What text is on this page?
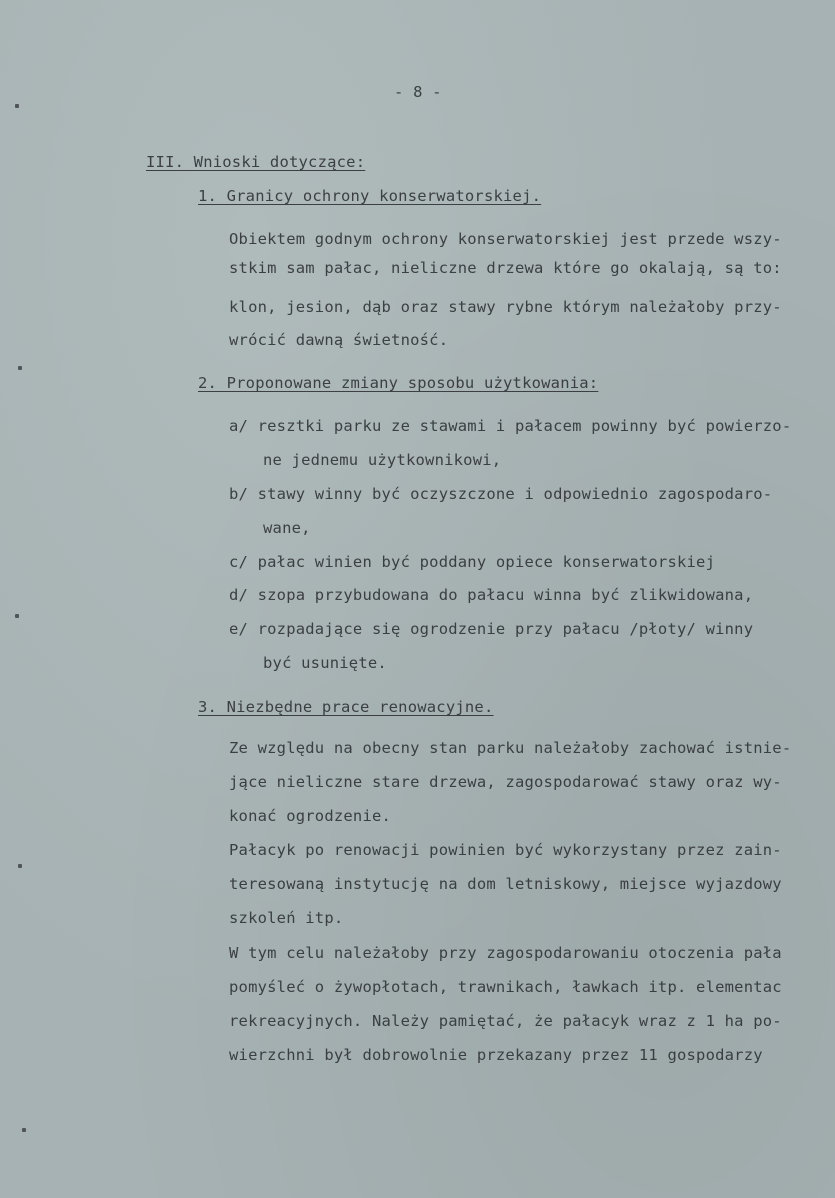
- 8 -
III. Wnioski dotyczące:
1. Granicy ochrony konserwatorskiej.
Obiektem godnym ochrony konserwatorskiej jest przede wszy-
stkim sam pałac, nieliczne drzewa które go okalają, są to:
klon, jesion, dąb oraz stawy rybne którym należałoby przy-
wrócić dawną świetność.
2. Proponowane zmiany sposobu użytkowania:
a/ resztki parku ze stawami i pałacem powinny być powierzo-
ne jednemu użytkownikowi,
b/ stawy winny być oczyszczone i odpowiednio zagospodaro-
wane,
c/ pałac winien być poddany opiece konserwatorskiej
d/ szopa przybudowana do pałacu winna być zlikwidowana,
e/ rozpadające się ogrodzenie przy pałacu /płoty/ winny
być usunięte.
3. Niezbędne prace renowacyjne.
Ze względu na obecny stan parku należałoby zachować istnie-
jące nieliczne stare drzewa, zagospodarować stawy oraz wy-
konać ogrodzenie.
Pałacyk po renowacji powinien być wykorzystany przez zain-
teresowaną instytucję na dom letniskowy, miejsce wyjazdowy
szkoleń itp.
W tym celu należałoby przy zagospodarowaniu otoczenia pała
pomyśleć o żywopłotach, trawnikach, ławkach itp. elementac
rekreacyjnych. Należy pamiętać, że pałacyk wraz z 1 ha po-
wierzchni był dobrowolnie przekazany przez 11 gospodarzy
